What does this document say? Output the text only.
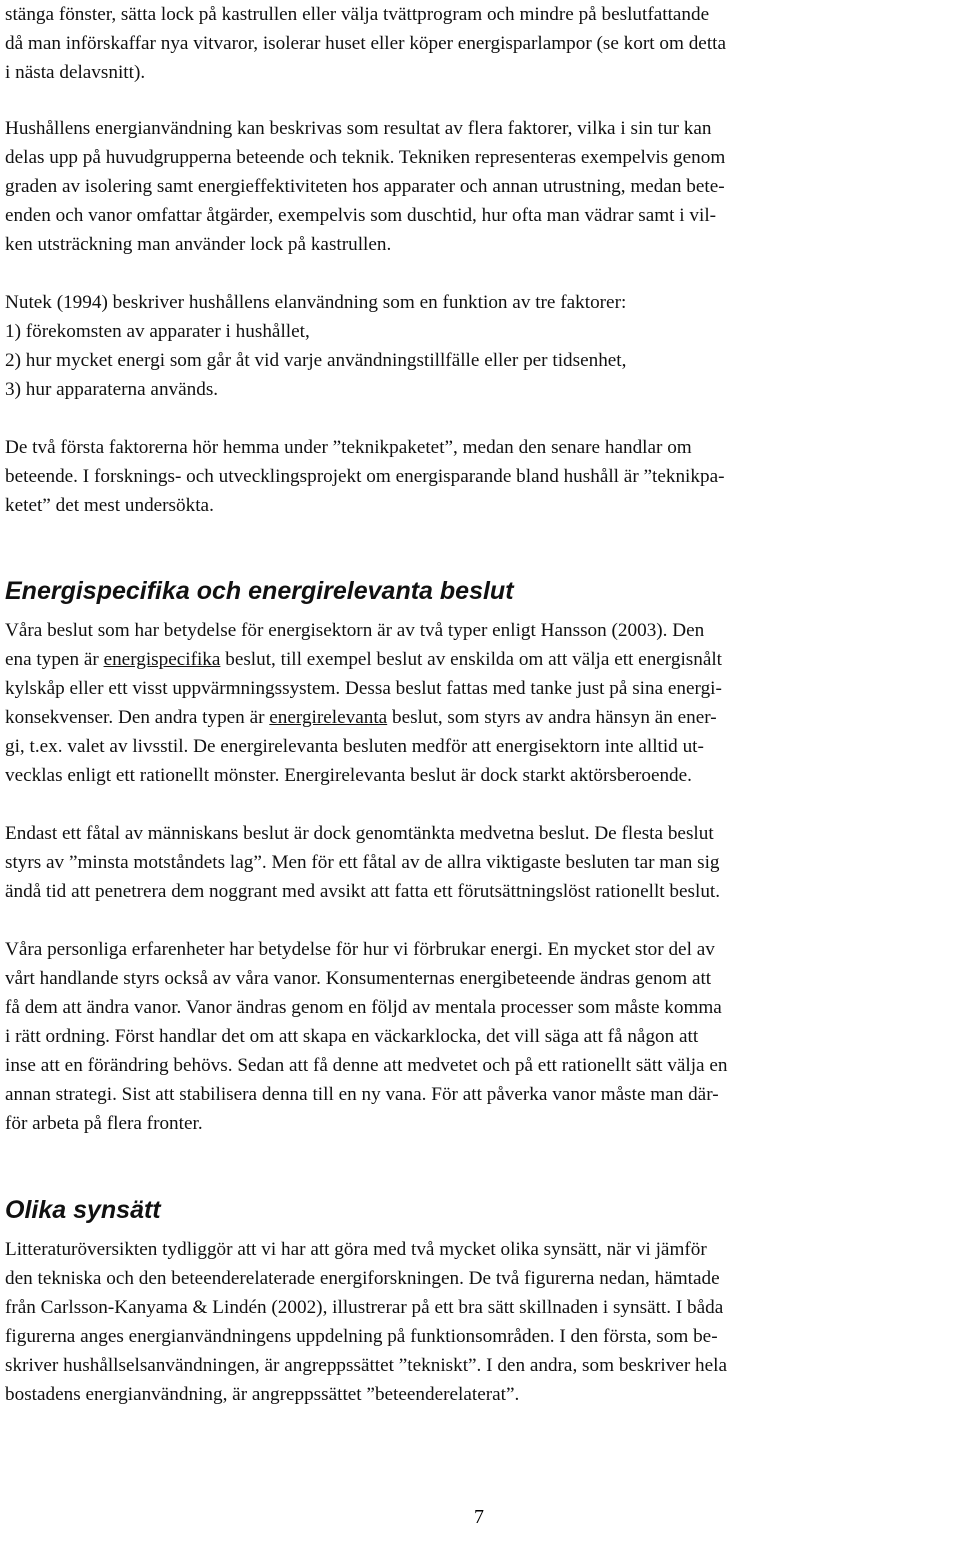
stänga fönster, sätta lock på kastrullen eller välja tvättprogram och mindre på beslutfattande
då man införskaffar nya vitvaror, isolerar huset eller köper energisparlampor (se kort om detta
i nästa delavsnitt).
Hushållens energianvändning kan beskrivas som resultat av flera faktorer, vilka i sin tur kan
delas upp på huvudgrupperna beteende och teknik. Tekniken representeras exempelvis genom
graden av isolering samt energieffektiviteten hos apparater och annan utrustning, medan bete-
enden och vanor omfattar åtgärder, exempelvis som duschtid, hur ofta man vädrar samt i vil-
ken utsträckning man använder lock på kastrullen.
Nutek (1994) beskriver hushållens elanvändning som en funktion av tre faktorer:
1) förekomsten av apparater i hushållet,
2) hur mycket energi som går åt vid varje användningstillfälle eller per tidsenhet,
3) hur apparaterna används.
De två första faktorerna hör hemma under ”teknikpaketet”, medan den senare handlar om
beteende. I forsknings- och utvecklingsprojekt om energisparande bland hushåll är ”teknikpa-
ketet” det mest undersökta.
Energispecifika och energirelevanta beslut
Våra beslut som har betydelse för energisektorn är av två typer enligt Hansson (2003). Den
ena typen är energispecifika beslut, till exempel beslut av enskilda om att välja ett energisnålt
kylskåp eller ett visst uppvärmningssystem. Dessa beslut fattas med tanke just på sina energi-
konsekvenser. Den andra typen är energirelevanta beslut, som styrs av andra hänsyn än ener-
gi, t.ex. valet av livsstil. De energirelevanta besluten medför att energisektorn inte alltid ut-
vecklas enligt ett rationellt mönster. Energirelevanta beslut är dock starkt aktörsberoende.
Endast ett fåtal av människans beslut är dock genomtänkta medvetna beslut. De flesta beslut
styrs av ”minsta motståndets lag”. Men för ett fåtal av de allra viktigaste besluten tar man sig
ändå tid att penetrera dem noggrant med avsikt att fatta ett förutsättningslöst rationellt beslut.
Våra personliga erfarenheter har betydelse för hur vi förbrukar energi. En mycket stor del av
vårt handlande styrs också av våra vanor. Konsumenternas energibeteende ändras genom att
få dem att ändra vanor. Vanor ändras genom en följd av mentala processer som måste komma
i rätt ordning. Först handlar det om att skapa en väckarklocka, det vill säga att få någon att
inse att en förändring behövs. Sedan att få denne att medvetet och på ett rationellt sätt välja en
annan strategi. Sist att stabilisera denna till en ny vana. För att påverka vanor måste man där-
för arbeta på flera fronter.
Olika synsätt
Litteraturöversikten tydliggör att vi har att göra med två mycket olika synsätt, när vi jämför
den tekniska och den beteenderelaterade energiforskningen. De två figurerna nedan, hämtade
från Carlsson-Kanyama & Lindén (2002), illustrerar på ett bra sätt skillnaden i synsätt. I båda
figurerna anges energianvändningens uppdelning på funktionsområden. I den första, som be-
skriver hushållselsanvändningen, är angreppssättet ”tekniskt”. I den andra, som beskriver hela
bostadens energianvändning, är angreppssättet ”beteenderelaterat”.
7
